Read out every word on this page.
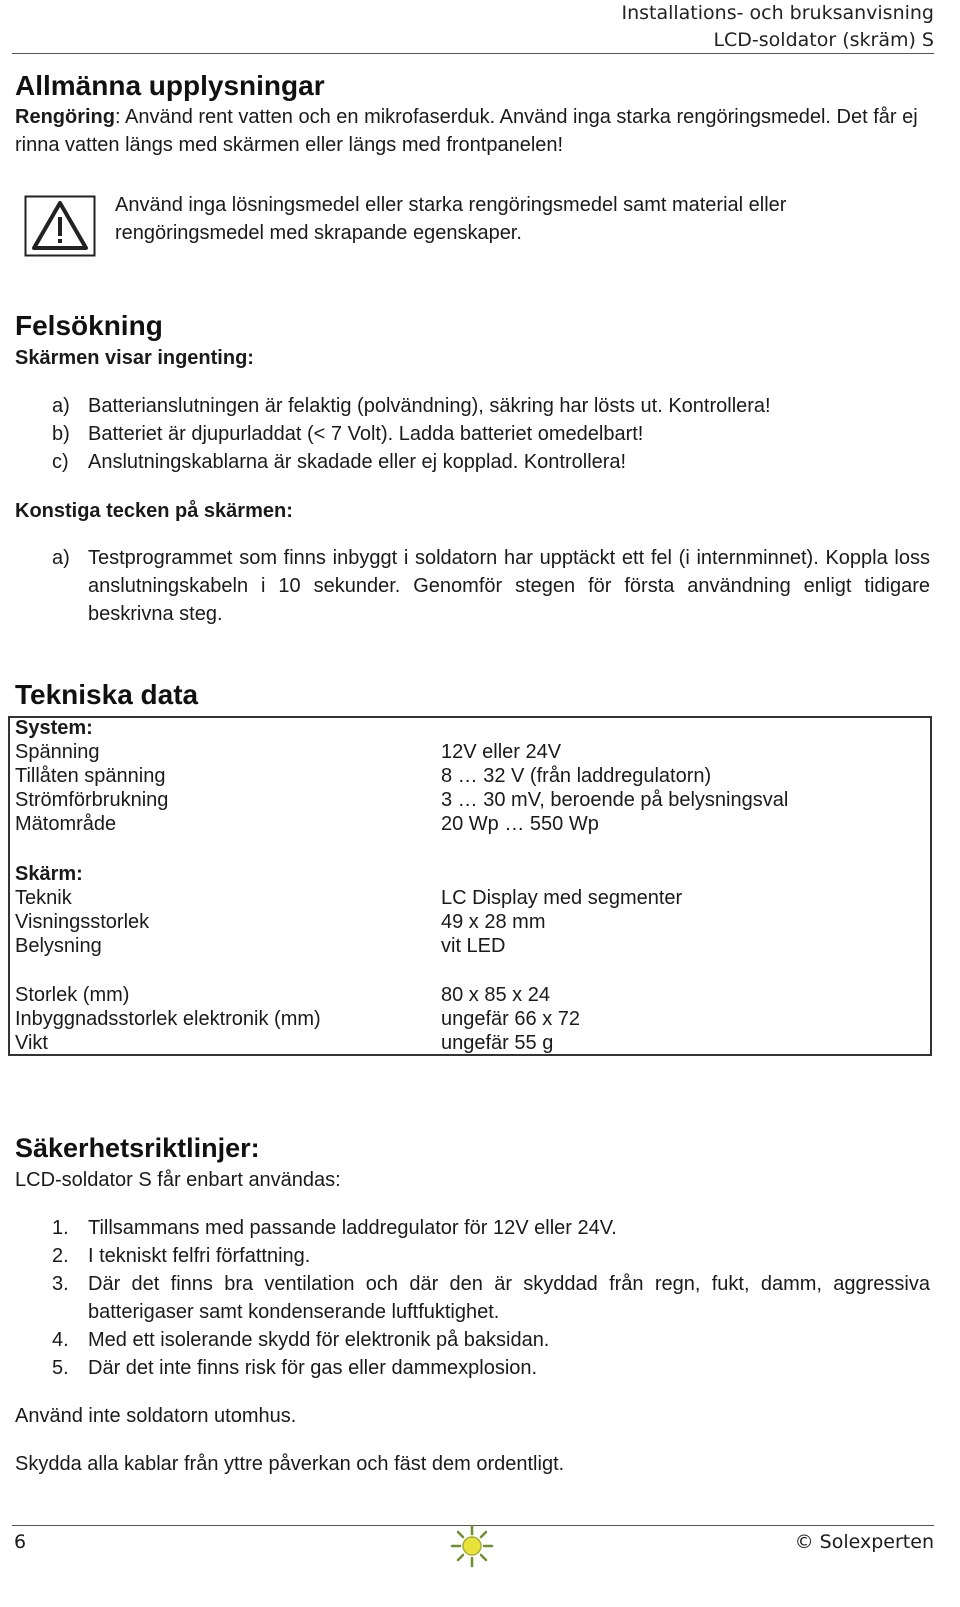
Installations- och bruksanvisning
LCD-soldator (skräm) S
Allmänna upplysningar
Rengöring: Använd rent vatten och en mikrofaserduk. Använd inga starka rengöringsmedel. Det får ej rinna vatten längs med skärmen eller längs med frontpanelen!
Använd inga lösningsmedel eller starka rengöringsmedel samt material eller rengöringsmedel med skrapande egenskaper.
Felsökning
Skärmen visar ingenting:
a) Batterianslutningen är felaktig (polvändning), säkring har lösts ut. Kontrollera!
b) Batteriet är djupurladdat (< 7 Volt). Ladda batteriet omedelbart!
c) Anslutningskablarna är skadade eller ej kopplad. Kontrollera!
Konstiga tecken på skärmen:
a) Testprogrammet som finns inbyggt i soldatorn har upptäckt ett fel (i internminnet). Koppla loss anslutningskabeln i 10 sekunder. Genomför stegen för första användning enligt tidigare beskrivna steg.
Tekniska data
System:
Spänning	12V eller 24V
Tillåten spänning	8 … 32 V (från laddregulatorn)
Strömförbrukning	3 … 30 mV, beroende på belysningsval
Mätområde	20 Wp … 550 Wp
Skärm:
Teknik	LC Display med segmenter
Visningsstorlek	49 x 28 mm
Belysning	vit LED
Storlek (mm)	80 x 85 x 24
Inbyggnadsstorlek elektronik (mm)	ungefär 66 x 72
Vikt	ungefär 55 g
Säkerhetsriktlinjer:
LCD-soldator S får enbart användas:
1. Tillsammans med passande laddregulator för 12V eller 24V.
2. I tekniskt felfri författning.
3. Där det finns bra ventilation och där den är skyddad från regn, fukt, damm, aggressiva batterigaser samt kondenserande luftfuktighet.
4. Med ett isolerande skydd för elektronik på baksidan.
5. Där det inte finns risk för gas eller dammexplosion.
Använd inte soldatorn utomhus.
Skydda alla kablar från yttre påverkan och fäst dem ordentligt.
6	© Solexperten
